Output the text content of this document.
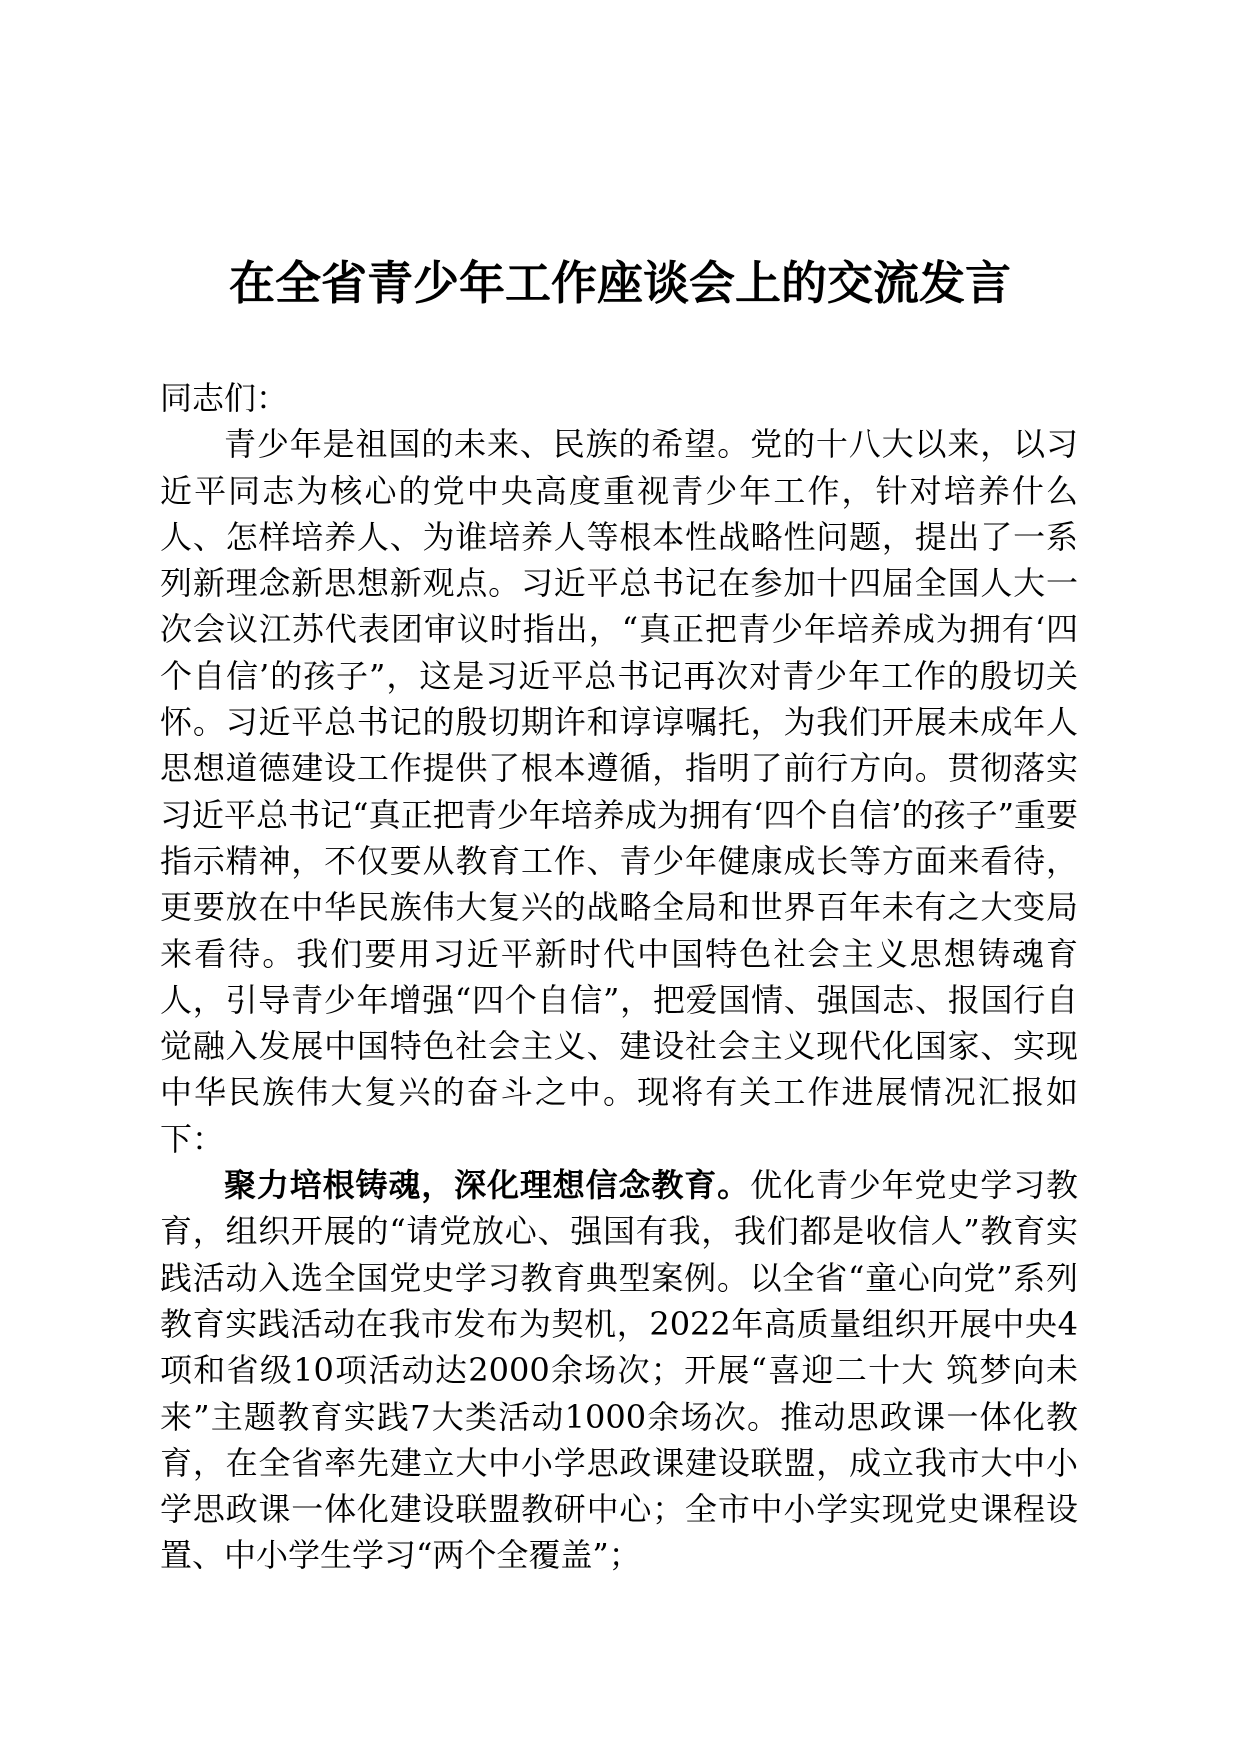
在全省青少年工作座谈会上的交流发言

同志们：

青少年是祖国的未来、民族的希望。党的十八大以来，以习近平同志为核心的党中央高度重视青少年工作，针对培养什么人、怎样培养人、为谁培养人等根本性战略性问题，提出了一系列新理念新思想新观点。习近平总书记在参加十四届全国人大一次会议江苏代表团审议时指出，“真正把青少年培养成为拥有‘四个自信’的孩子”，这是习近平总书记再次对青少年工作的殷切关怀。习近平总书记的殷切期许和谆谆嘱托，为我们开展未成年人思想道德建设工作提供了根本遵循，指明了前行方向。贯彻落实习近平总书记“真正把青少年培养成为拥有‘四个自信’的孩子”重要指示精神，不仅要从教育工作、青少年健康成长等方面来看待，更要放在中华民族伟大复兴的战略全局和世界百年未有之大变局来看待。我们要用习近平新时代中国特色社会主义思想铸魂育人，引导青少年增强“四个自信”，把爱国情、强国志、报国行自觉融入发展中国特色社会主义、建设社会主义现代化国家、实现中华民族伟大复兴的奋斗之中。现将有关工作进展情况汇报如下：

聚力培根铸魂，深化理想信念教育。优化青少年党史学习教育，组织开展的“请党放心、强国有我，我们都是收信人”教育实践活动入选全国党史学习教育典型案例。以全省“童心向党”系列教育实践活动在我市发布为契机，2022年高质量组织开展中央4项和省级10项活动达2000余场次；开展“喜迎二十大 筑梦向未来”主题教育实践7大类活动1000余场次。推动思政课一体化教育，在全省率先建立大中小学思政课建设联盟，成立我市大中小学思政课一体化建设联盟教研中心；全市中小学实现党史课程设置、中小学生学习“两个全覆盖”；
